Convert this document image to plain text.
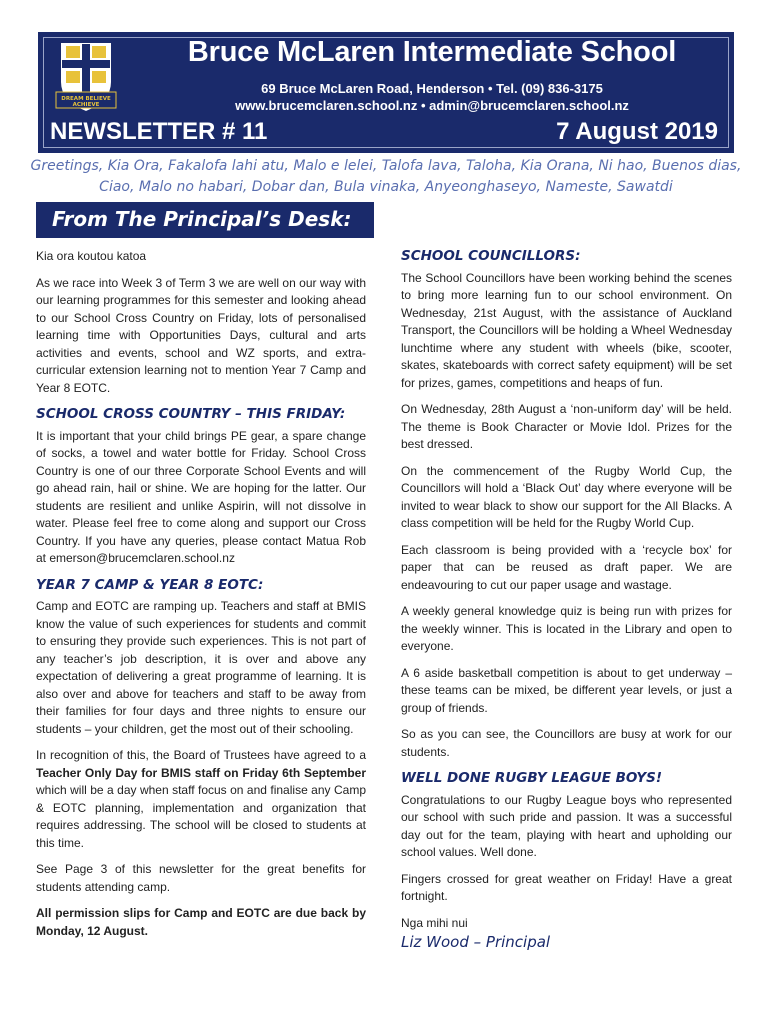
DREAM BELIEVE
ACHIEVE
Bruce McLaren Intermediate School
69 Bruce McLaren Road, Henderson • Tel. (09) 836-3175
www.brucemclaren.school.nz • admin@brucemclaren.school.nz
NEWSLETTER # 11	7 August 2019
Greetings, Kia Ora, Fakalofa lahi atu, Malo e lelei, Talofa lava, Taloha, Kia Orana, Ni hao, Buenos dias, Ciao, Malo no habari, Dobar dan, Bula vinaka, Anyeonghaseyo, Nameste, Sawatdi
From The Principal’s Desk:

Kia ora koutou katoa

As we race into Week 3 of Term 3 we are well on our way with our learning programmes for this semester and looking ahead to our School Cross Country on Friday, lots of personalised learning time with Opportunities Days, cultural and arts activities and events, school and WZ sports, and extra-curricular extension learning not to mention Year 7 Camp and Year 8 EOTC.

SCHOOL CROSS COUNTRY – THIS FRIDAY:

It is important that your child brings PE gear, a spare change of socks, a towel and water bottle for Friday. School Cross Country is one of our three Corporate School Events and will go ahead rain, hail or shine. We are hoping for the latter. Our students are resilient and unlike Aspirin, will not dissolve in water. Please feel free to come along and support our Cross Country. If you have any queries, please contact Matua Rob at emerson@brucemclaren.school.nz

YEAR 7 CAMP & YEAR 8 EOTC:

Camp and EOTC are ramping up. Teachers and staff at BMIS know the value of such experiences for students and commit to ensuring they provide such experiences. This is not part of any teacher’s job description, it is over and above any expectation of delivering a great programme of learning. It is also over and above for teachers and staff to be away from their families for four days and three nights to ensure our students – your children, get the most out of their schooling.

In recognition of this, the Board of Trustees have agreed to a Teacher Only Day for BMIS staff on Friday 6th September which will be a day when staff focus on and finalise any Camp & EOTC planning, implementation and organization that requires addressing. The school will be closed to students at this time.

See Page 3 of this newsletter for the great benefits for students attending camp.

All permission slips for Camp and EOTC are due back by Monday, 12 August.

SCHOOL COUNCILLORS:

The School Councillors have been working behind the scenes to bring more learning fun to our school environment. On Wednesday, 21st August, with the assistance of Auckland Transport, the Councillors will be holding a Wheel Wednesday lunchtime where any student with wheels (bike, scooter, skates, skateboards with correct safety equipment) will be set for prizes, games, competitions and heaps of fun.

On Wednesday, 28th August a ‘non-uniform day’ will be held. The theme is Book Character or Movie Idol. Prizes for the best dressed.

On the commencement of the Rugby World Cup, the Councillors will hold a ‘Black Out’ day where everyone will be invited to wear black to show our support for the All Blacks. A class competition will be held for the Rugby World Cup.

Each classroom is being provided with a ‘recycle box’ for paper that can be reused as draft paper. We are endeavouring to cut our paper usage and wastage.

A weekly general knowledge quiz is being run with prizes for the weekly winner. This is located in the Library and open to everyone.

A 6 aside basketball competition is about to get underway – these teams can be mixed, be different year levels, or just a group of friends.

So as you can see, the Councillors are busy at work for our students.

WELL DONE RUGBY LEAGUE BOYS!

Congratulations to our Rugby League boys who represented our school with such pride and passion. It was a successful day out for the team, playing with heart and upholding our school values. Well done.

Fingers crossed for great weather on Friday! Have a great fortnight.

Nga mihi nui

Liz Wood – Principal
